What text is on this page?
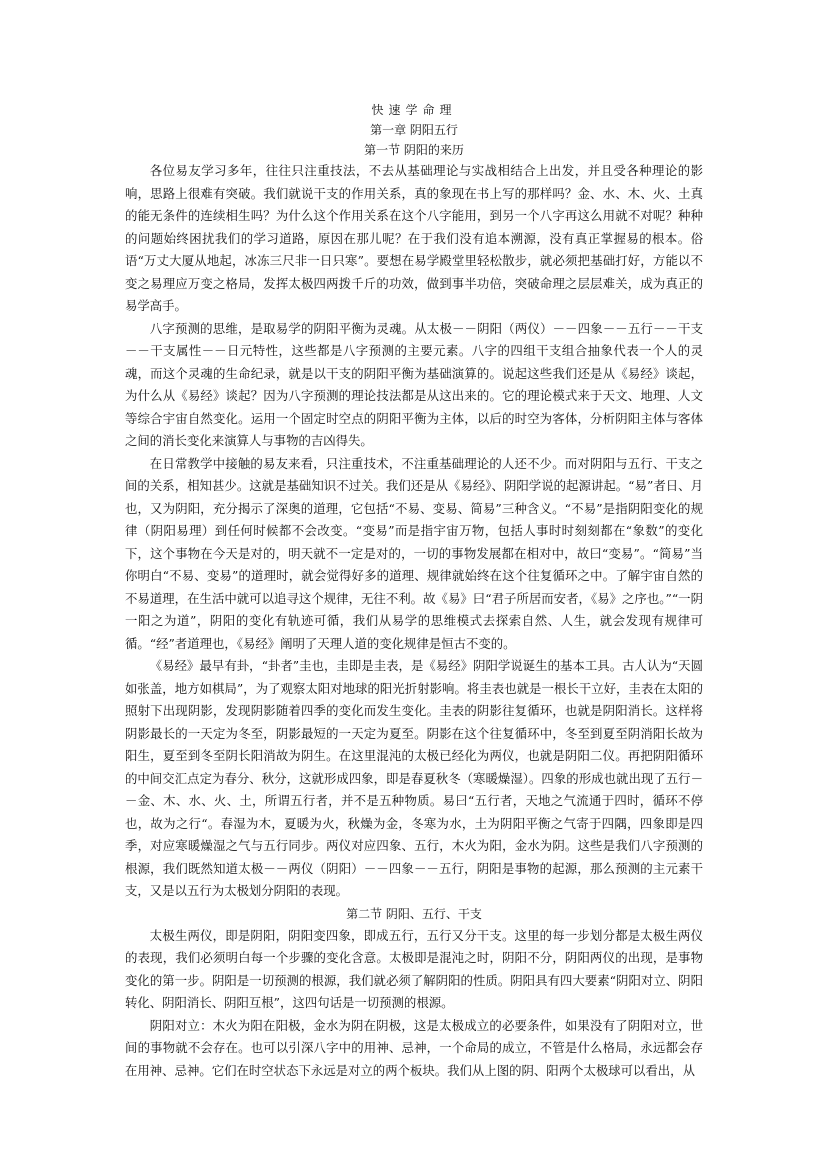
快速学命理
第一章 阴阳五行
第一节 阴阳的来历

各位易友学习多年，往往只注重技法，不去从基础理论与实战相结合上出发，并且受各种理论的影响，思路上很难有突破。我们就说干支的作用关系，真的象现在书上写的那样吗？金、水、木、火、土真的能无条件的连续相生吗？为什么这个作用关系在这个八字能用，到另一个八字再这么用就不对呢？种种的问题始终困扰我们的学习道路，原因在那儿呢？在于我们没有追本溯源，没有真正掌握易的根本。俗语“万丈大厦从地起，冰冻三尺非一日只寒”。要想在易学殿堂里轻松散步，就必须把基础打好，方能以不变之易理应万变之格局，发挥太极四两拨千斤的功效，做到事半功倍，突破命理之层层难关，成为真正的易学高手。

八字预测的思维，是取易学的阴阳平衡为灵魂。从太极－－阴阳（两仪）－－四象－－五行－－干支－－干支属性－－日元特性，这些都是八字预测的主要元素。八字的四组干支组合抽象代表一个人的灵魂，而这个灵魂的生命纪录，就是以干支的阴阳平衡为基础演算的。说起这些我们还是从《易经》谈起，为什么从《易经》谈起？因为八字预测的理论技法都是从这出来的。它的理论模式来于天文、地理、人文等综合宇宙自然变化。运用一个固定时空点的阴阳平衡为主体，以后的时空为客体，分析阴阳主体与客体之间的消长变化来演算人与事物的吉凶得失。

在日常教学中接触的易友来看，只注重技术，不注重基础理论的人还不少。而对阴阳与五行、干支之间的关系，相知甚少。这就是基础知识不过关。我们还是从《易经》、阴阳学说的起源讲起。“易”者日、月也，又为阴阳，充分揭示了深奥的道理，它包括“不易、变易、简易”三种含义。“不易”是指阴阳变化的规律（阴阳易理）到任何时候都不会改变。“变易”而是指宇宙万物，包括人事时时刻刻都在“象数”的变化下，这个事物在今天是对的，明天就不一定是对的，一切的事物发展都在相对中，故曰“变易”。“简易”当你明白“不易、变易”的道理时，就会觉得好多的道理、规律就始终在这个往复循环之中。了解宇宙自然的不易道理，在生活中就可以追寻这个规律，无往不利。故《易》曰“君子所居而安者，《易》之序也。”“一阴一阳之为道”，阴阳的变化有轨迹可循，我们从易学的思维模式去探索自然、人生，就会发现有规律可循。“经”者道理也，《易经》阐明了天理人道的变化规律是恒古不变的。

《易经》最早有卦，“卦者”圭也，圭即是圭表，是《易经》阴阳学说诞生的基本工具。古人认为“天圆如张盖，地方如棋局”，为了观察太阳对地球的阳光折射影响。将圭表也就是一根长干立好，圭表在太阳的照射下出现阴影，发现阴影随着四季的变化而发生变化。圭表的阴影往复循环，也就是阴阳消长。这样将阴影最长的一天定为冬至，阴影最短的一天定为夏至。阴影在这个往复循环中，冬至到夏至阴消阳长故为阳生，夏至到冬至阴长阳消故为阴生。在这里混沌的太极已经化为两仪，也就是阴阳二仪。再把阴阳循环的中间交汇点定为春分、秋分，这就形成四象，即是春夏秋冬（寒暖燥湿）。四象的形成也就出现了五行－－金、木、水、火、土，所谓五行者，并不是五种物质。易曰“五行者，天地之气流通于四时，循环不停也，故为之行“。春湿为木，夏暖为火，秋燥为金，冬寒为水，土为阴阳平衡之气寄于四隅，四象即是四季，对应寒暖燥湿之气与五行同步。两仪对应四象、五行，木火为阳，金水为阴。这些是我们八字预测的根源，我们既然知道太极－－两仪（阴阳）－－四象－－五行，阴阳是事物的起源，那么预测的主元素干支，又是以五行为太极划分阴阳的表现。

第二节 阴阳、五行、干支

太极生两仪，即是阴阳，阴阳变四象，即成五行，五行又分干支。这里的每一步划分都是太极生两仪的表现，我们必须明白每一个步骤的变化含意。太极即是混沌之时，阴阳不分，阴阳两仪的出现，是事物变化的第一步。阴阳是一切预测的根源，我们就必须了解阴阳的性质。阴阳具有四大要素“阴阳对立、阴阳转化、阴阳消长、阴阳互根”，这四句话是一切预测的根源。

阴阳对立：木火为阳在阳极，金水为阴在阴极，这是太极成立的必要条件，如果没有了阴阳对立，世间的事物就不会存在。也可以引深八字中的用神、忌神，一个命局的成立，不管是什么格局，永远都会存在用神、忌神。它们在时空状态下永远是对立的两个板块。我们从上图的阴、阳两个太极球可以看出，从
